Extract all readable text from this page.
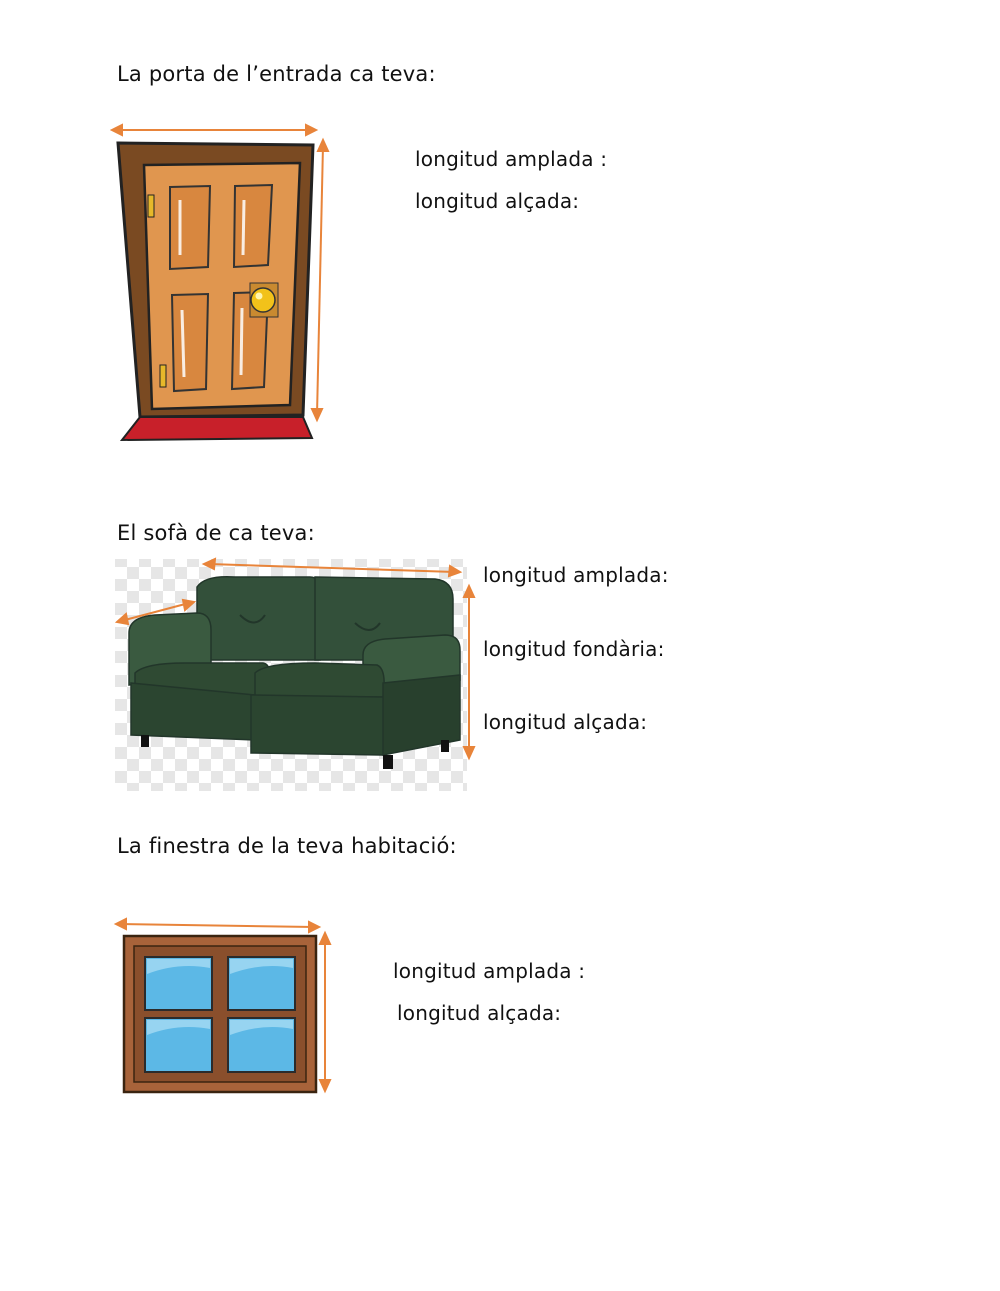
La porta de l’entrada ca teva:
longitud amplada :
longitud alçada:
El sofà de ca teva:
longitud amplada:
longitud fondària:
longitud alçada:
La finestra de la teva habitació:
longitud amplada :
longitud alçada:
